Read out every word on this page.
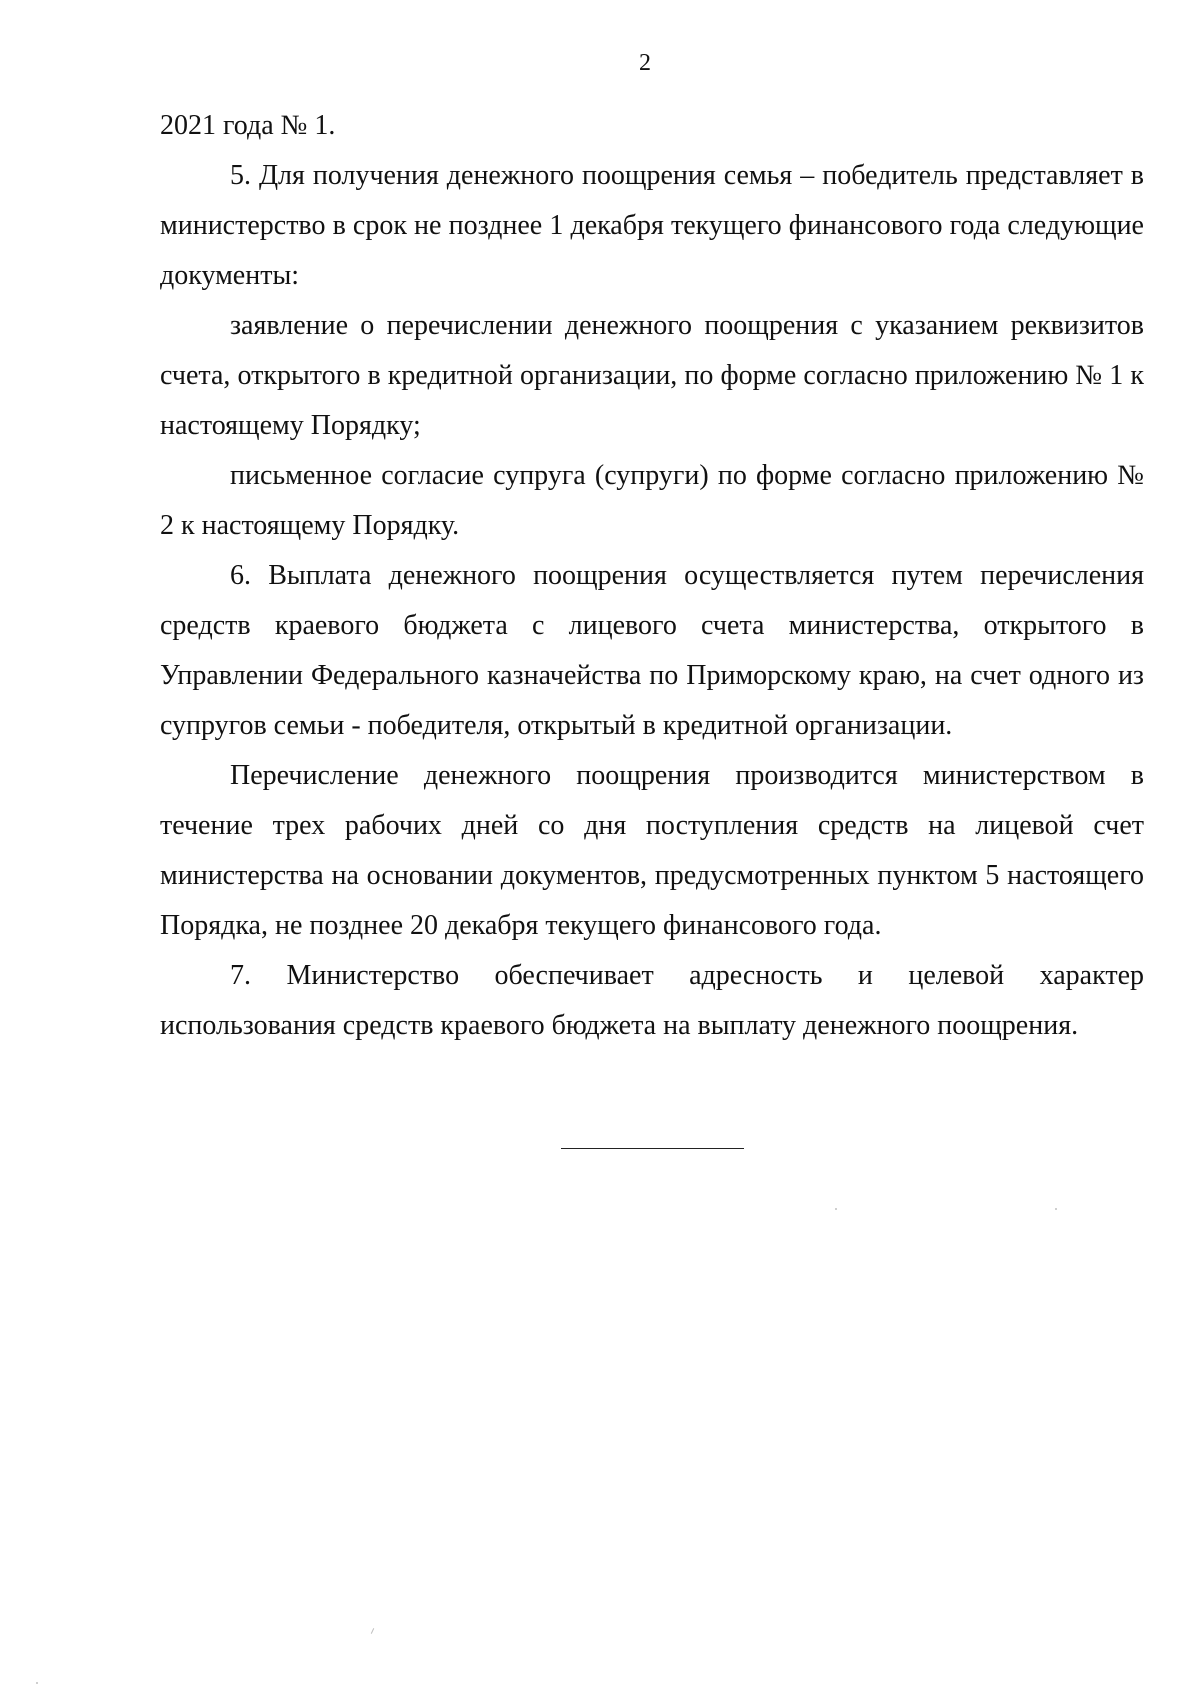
2

2021 года № 1.

5. Для получения денежного поощрения семья – победитель представляет в министерство в срок не позднее 1 декабря текущего финансового года следующие документы:

заявление о перечислении денежного поощрения с указанием реквизитов счета, открытого в кредитной организации, по форме согласно приложению № 1 к настоящему Порядку;

письменное согласие супруга (супруги) по форме согласно приложению № 2 к настоящему Порядку.

6. Выплата денежного поощрения осуществляется путем перечисления средств краевого бюджета с лицевого счета министерства, открытого в Управлении Федерального казначейства по Приморскому краю, на счет одного из супругов семьи - победителя, открытый в кредитной организации.

Перечисление денежного поощрения производится министерством в течение трех рабочих дней со дня поступления средств на лицевой счет министерства на основании документов, предусмотренных пунктом 5 настоящего Порядка, не позднее 20 декабря текущего финансового года.

7. Министерство обеспечивает адресность и целевой характер использования средств краевого бюджета на выплату денежного поощрения.
